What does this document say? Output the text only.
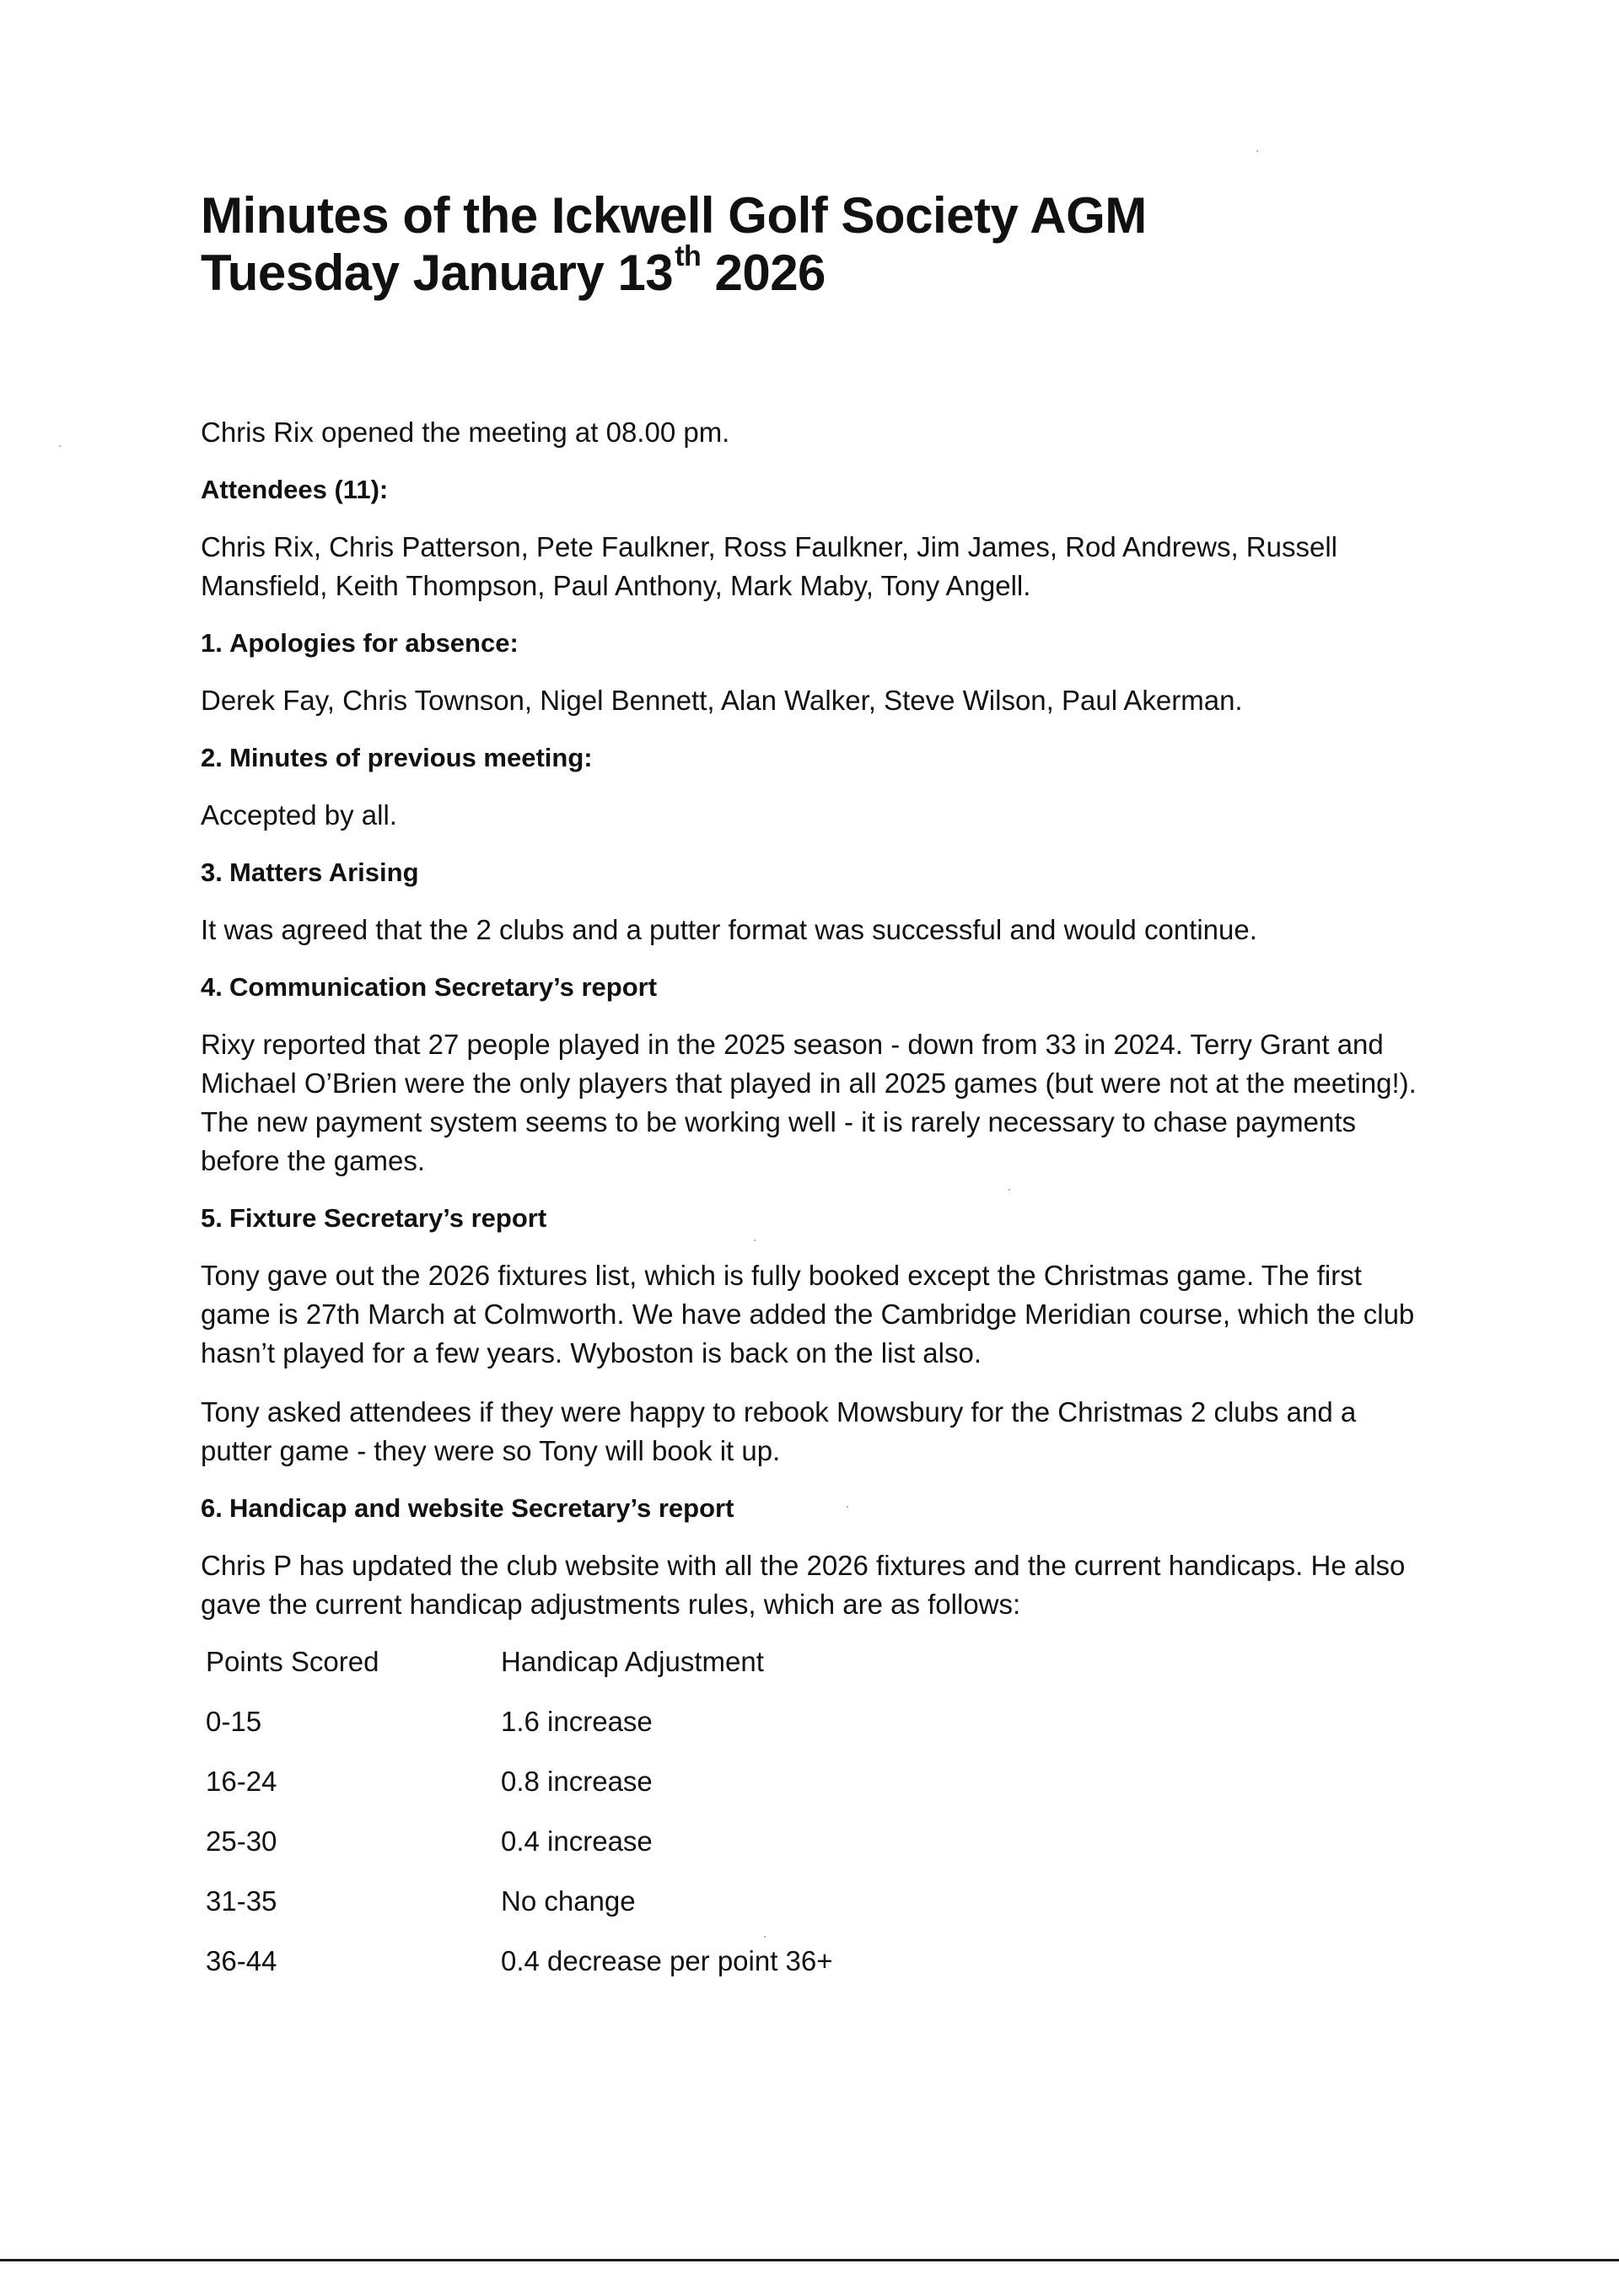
Minutes of the Ickwell Golf Society AGM
Tuesday January 13th 2026

Chris Rix opened the meeting at 08.00 pm.

Attendees (11):

Chris Rix, Chris Patterson, Pete Faulkner, Ross Faulkner, Jim James, Rod Andrews, Russell Mansfield, Keith Thompson, Paul Anthony, Mark Maby, Tony Angell.

1. Apologies for absence:

Derek Fay, Chris Townson, Nigel Bennett, Alan Walker, Steve Wilson, Paul Akerman.

2. Minutes of previous meeting:

Accepted by all.

3. Matters Arising

It was agreed that the 2 clubs and a putter format was successful and would continue.

4. Communication Secretary’s report

Rixy reported that 27 people played in the 2025 season - down from 33 in 2024. Terry Grant and Michael O’Brien were the only players that played in all 2025 games (but were not at the meeting!). The new payment system seems to be working well - it is rarely necessary to chase payments before the games.

5. Fixture Secretary’s report

Tony gave out the 2026 fixtures list, which is fully booked except the Christmas game. The first game is 27th March at Colmworth. We have added the Cambridge Meridian course, which the club hasn’t played for a few years. Wyboston is back on the list also.

Tony asked attendees if they were happy to rebook Mowsbury for the Christmas 2 clubs and a putter game - they were so Tony will book it up.

6. Handicap and website Secretary’s report

Chris P has updated the club website with all the 2026 fixtures and the current handicaps. He also gave the current handicap adjustments rules, which are as follows:

Points Scored	Handicap Adjustment
0-15	1.6 increase
16-24	0.8 increase
25-30	0.4 increase
31-35	No change
36-44	0.4 decrease per point 36+
